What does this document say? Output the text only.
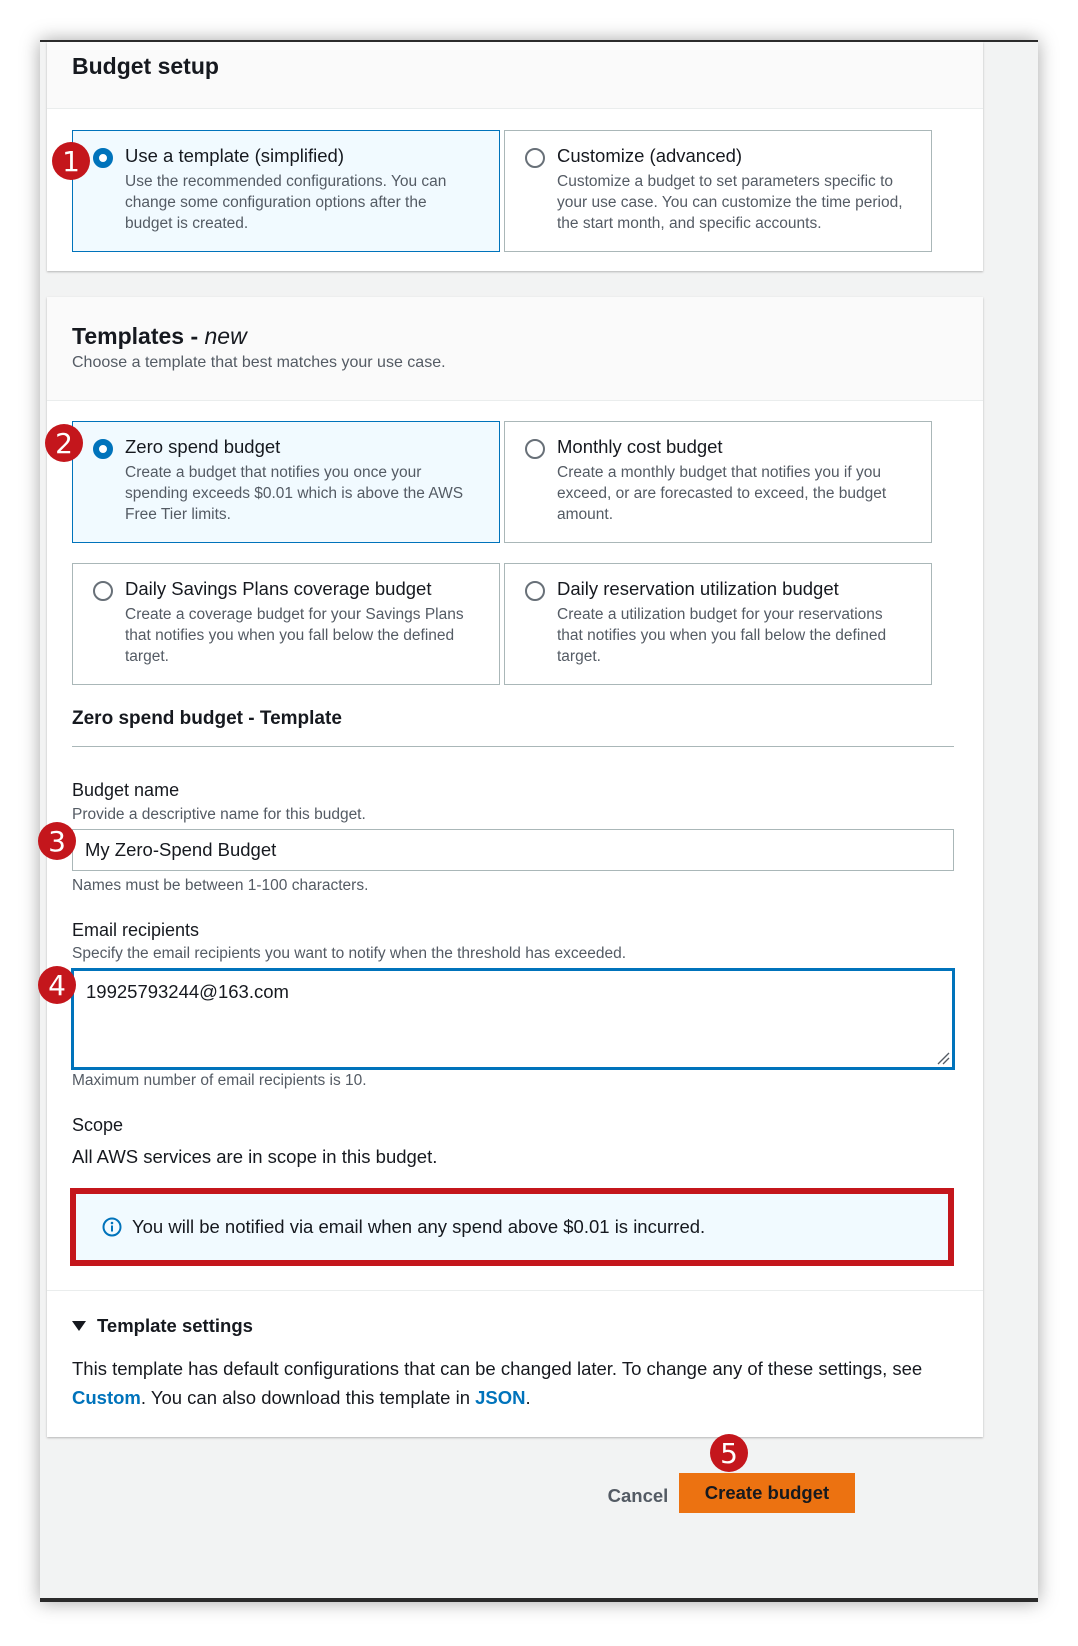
Budget setup
Use a template (simplified)
Use the recommended configurations. You can change some configuration options after the budget is created.
Customize (advanced)
Customize a budget to set parameters specific to your use case. You can customize the time period, the start month, and specific accounts.
Templates - new
Choose a template that best matches your use case.
Zero spend budget
Create a budget that notifies you once your spending exceeds $0.01 which is above the AWS Free Tier limits.
Monthly cost budget
Create a monthly budget that notifies you if you exceed, or are forecasted to exceed, the budget amount.
Daily Savings Plans coverage budget
Create a coverage budget for your Savings Plans that notifies you when you fall below the defined target.
Daily reservation utilization budget
Create a utilization budget for your reservations that notifies you when you fall below the defined target.
Zero spend budget - Template
Budget name
Provide a descriptive name for this budget.
My Zero-Spend Budget
Names must be between 1-100 characters.
Email recipients
Specify the email recipients you want to notify when the threshold has exceeded.
19925793244@163.com
Maximum number of email recipients is 10.
Scope
All AWS services are in scope in this budget.
You will be notified via email when any spend above $0.01 is incurred.
Template settings
This template has default configurations that can be changed later. To change any of these settings, see Custom. You can also download this template in JSON.
Cancel	Create budget
1
2
3
4
5
